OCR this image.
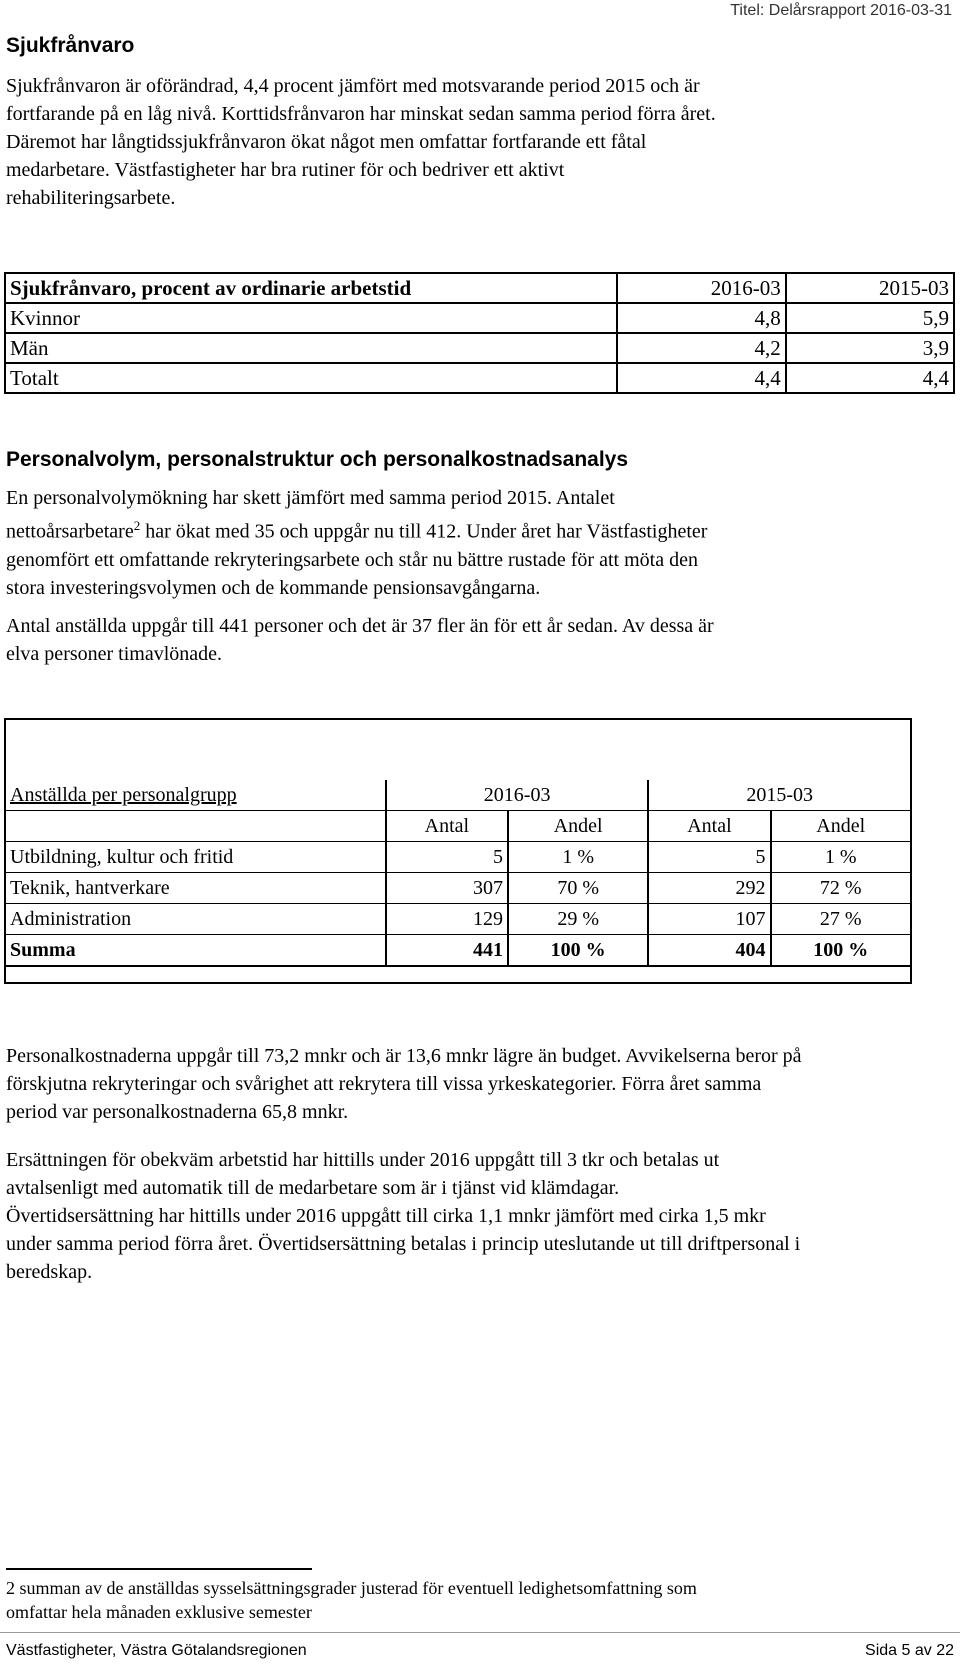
Titel: Delårsrapport 2016-03-31
Sjukfrånvaro
Sjukfrånvaron är oförändrad, 4,4 procent jämfört med motsvarande period 2015 och är
fortfarande på en låg nivå. Korttidsfrånvaron har minskat sedan samma period förra året.
Däremot har långtidssjukfrånvaron ökat något men omfattar fortfarande ett fåtal
medarbetare. Västfastigheter har bra rutiner för och bedriver ett aktivt
rehabiliteringsarbete.
Sjukfrånvaro, procent av ordinarie arbetstid	2016-03	2015-03
Kvinnor	4,8	5,9
Män	4,2	3,9
Totalt	4,4	4,4
Personalvolym, personalstruktur och personalkostnadsanalys
En personalvolymökning har skett jämfört med samma period 2015. Antalet
nettoårsarbetare$^2$ har ökat med 35 och uppgår nu till 412. Under året har Västfastigheter
genomfört ett omfattande rekryteringsarbete och står nu bättre rustade för att möta den
stora investeringsvolymen och de kommande pensionsavgångarna.
Antal anställda uppgår till 441 personer och det är 37 fler än för ett år sedan. Av dessa är
elva personer timavlönade.
Anställda per personalgrupp	2016-03		2015-03	
	Antal	Andel	Antal	Andel
Utbildning, kultur och fritid	5	1 %	5	1 %
Teknik, hantverkare	307	70 %	292	72 %
Administration	129	29 %	107	27 %
Summa	441	100 %	404	100 %
Personalkostnaderna uppgår till 73,2 mnkr och är 13,6 mnkr lägre än budget. Avvikelserna beror på
förskjutna rekryteringar och svårighet att rekrytera till vissa yrkeskategorier. Förra året samma
period var personalkostnaderna 65,8 mnkr.
Ersättningen för obekväm arbetstid har hittills under 2016 uppgått till 3 tkr och betalas ut
avtalsenligt med automatik till de medarbetare som är i tjänst vid klämdagar.
Övertidsersättning har hittills under 2016 uppgått till cirka 1,1 mnkr jämfört med cirka 1,5 mkr
under samma period förra året. Övertidsersättning betalas i princip uteslutande ut till driftpersonal i
beredskap.
2 summan av de anställdas sysselsättningsgrader justerad för eventuell ledighetsomfattning som
omfattar hela månaden exklusive semester
Västfastigheter, Västra Götalandsregionen	Sida 5 av 22
